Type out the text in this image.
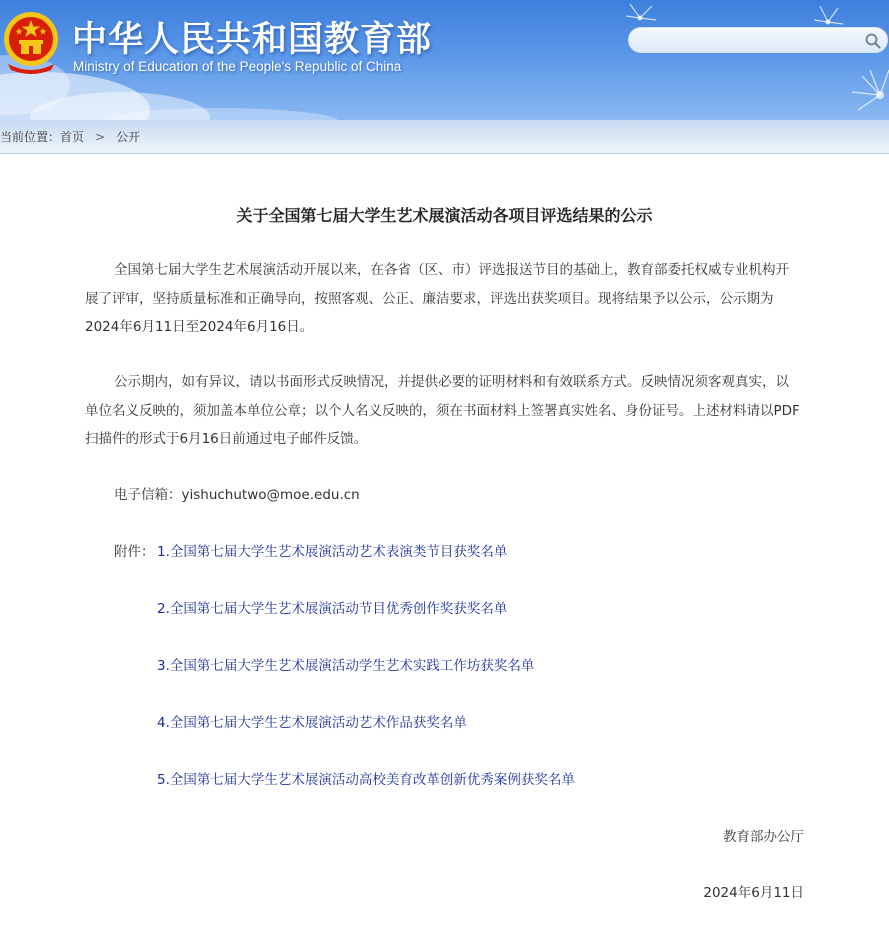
中华人民共和国教育部
Ministry of Education of the People's Republic of China
当前位置：首页 > 公开
关于全国第七届大学生艺术展演活动各项目评选结果的公示

全国第七届大学生艺术展演活动开展以来，在各省（区、市）评选报送节目的基础上，教育部委托权威专业机构开展了评审，坚持质量标准和正确导向，按照客观、公正、廉洁要求，评选出获奖项目。现将结果予以公示，公示期为2024年6月11日至2024年6月16日。

公示期内，如有异议，请以书面形式反映情况，并提供必要的证明材料和有效联系方式。反映情况须客观真实，以单位名义反映的，须加盖本单位公章；以个人名义反映的，须在书面材料上签署真实姓名、身份证号。上述材料请以PDF扫描件的形式于6月16日前通过电子邮件反馈。

电子信箱：yishuchutwo@moe.edu.cn
附件： 1.全国第七届大学生艺术展演活动艺术表演类节目获奖名单
2.全国第七届大学生艺术展演活动节目优秀创作奖获奖名单
3.全国第七届大学生艺术展演活动学生艺术实践工作坊获奖名单
4.全国第七届大学生艺术展演活动艺术作品获奖名单
5.全国第七届大学生艺术展演活动高校美育改革创新优秀案例获奖名单
教育部办公厅
2024年6月11日
